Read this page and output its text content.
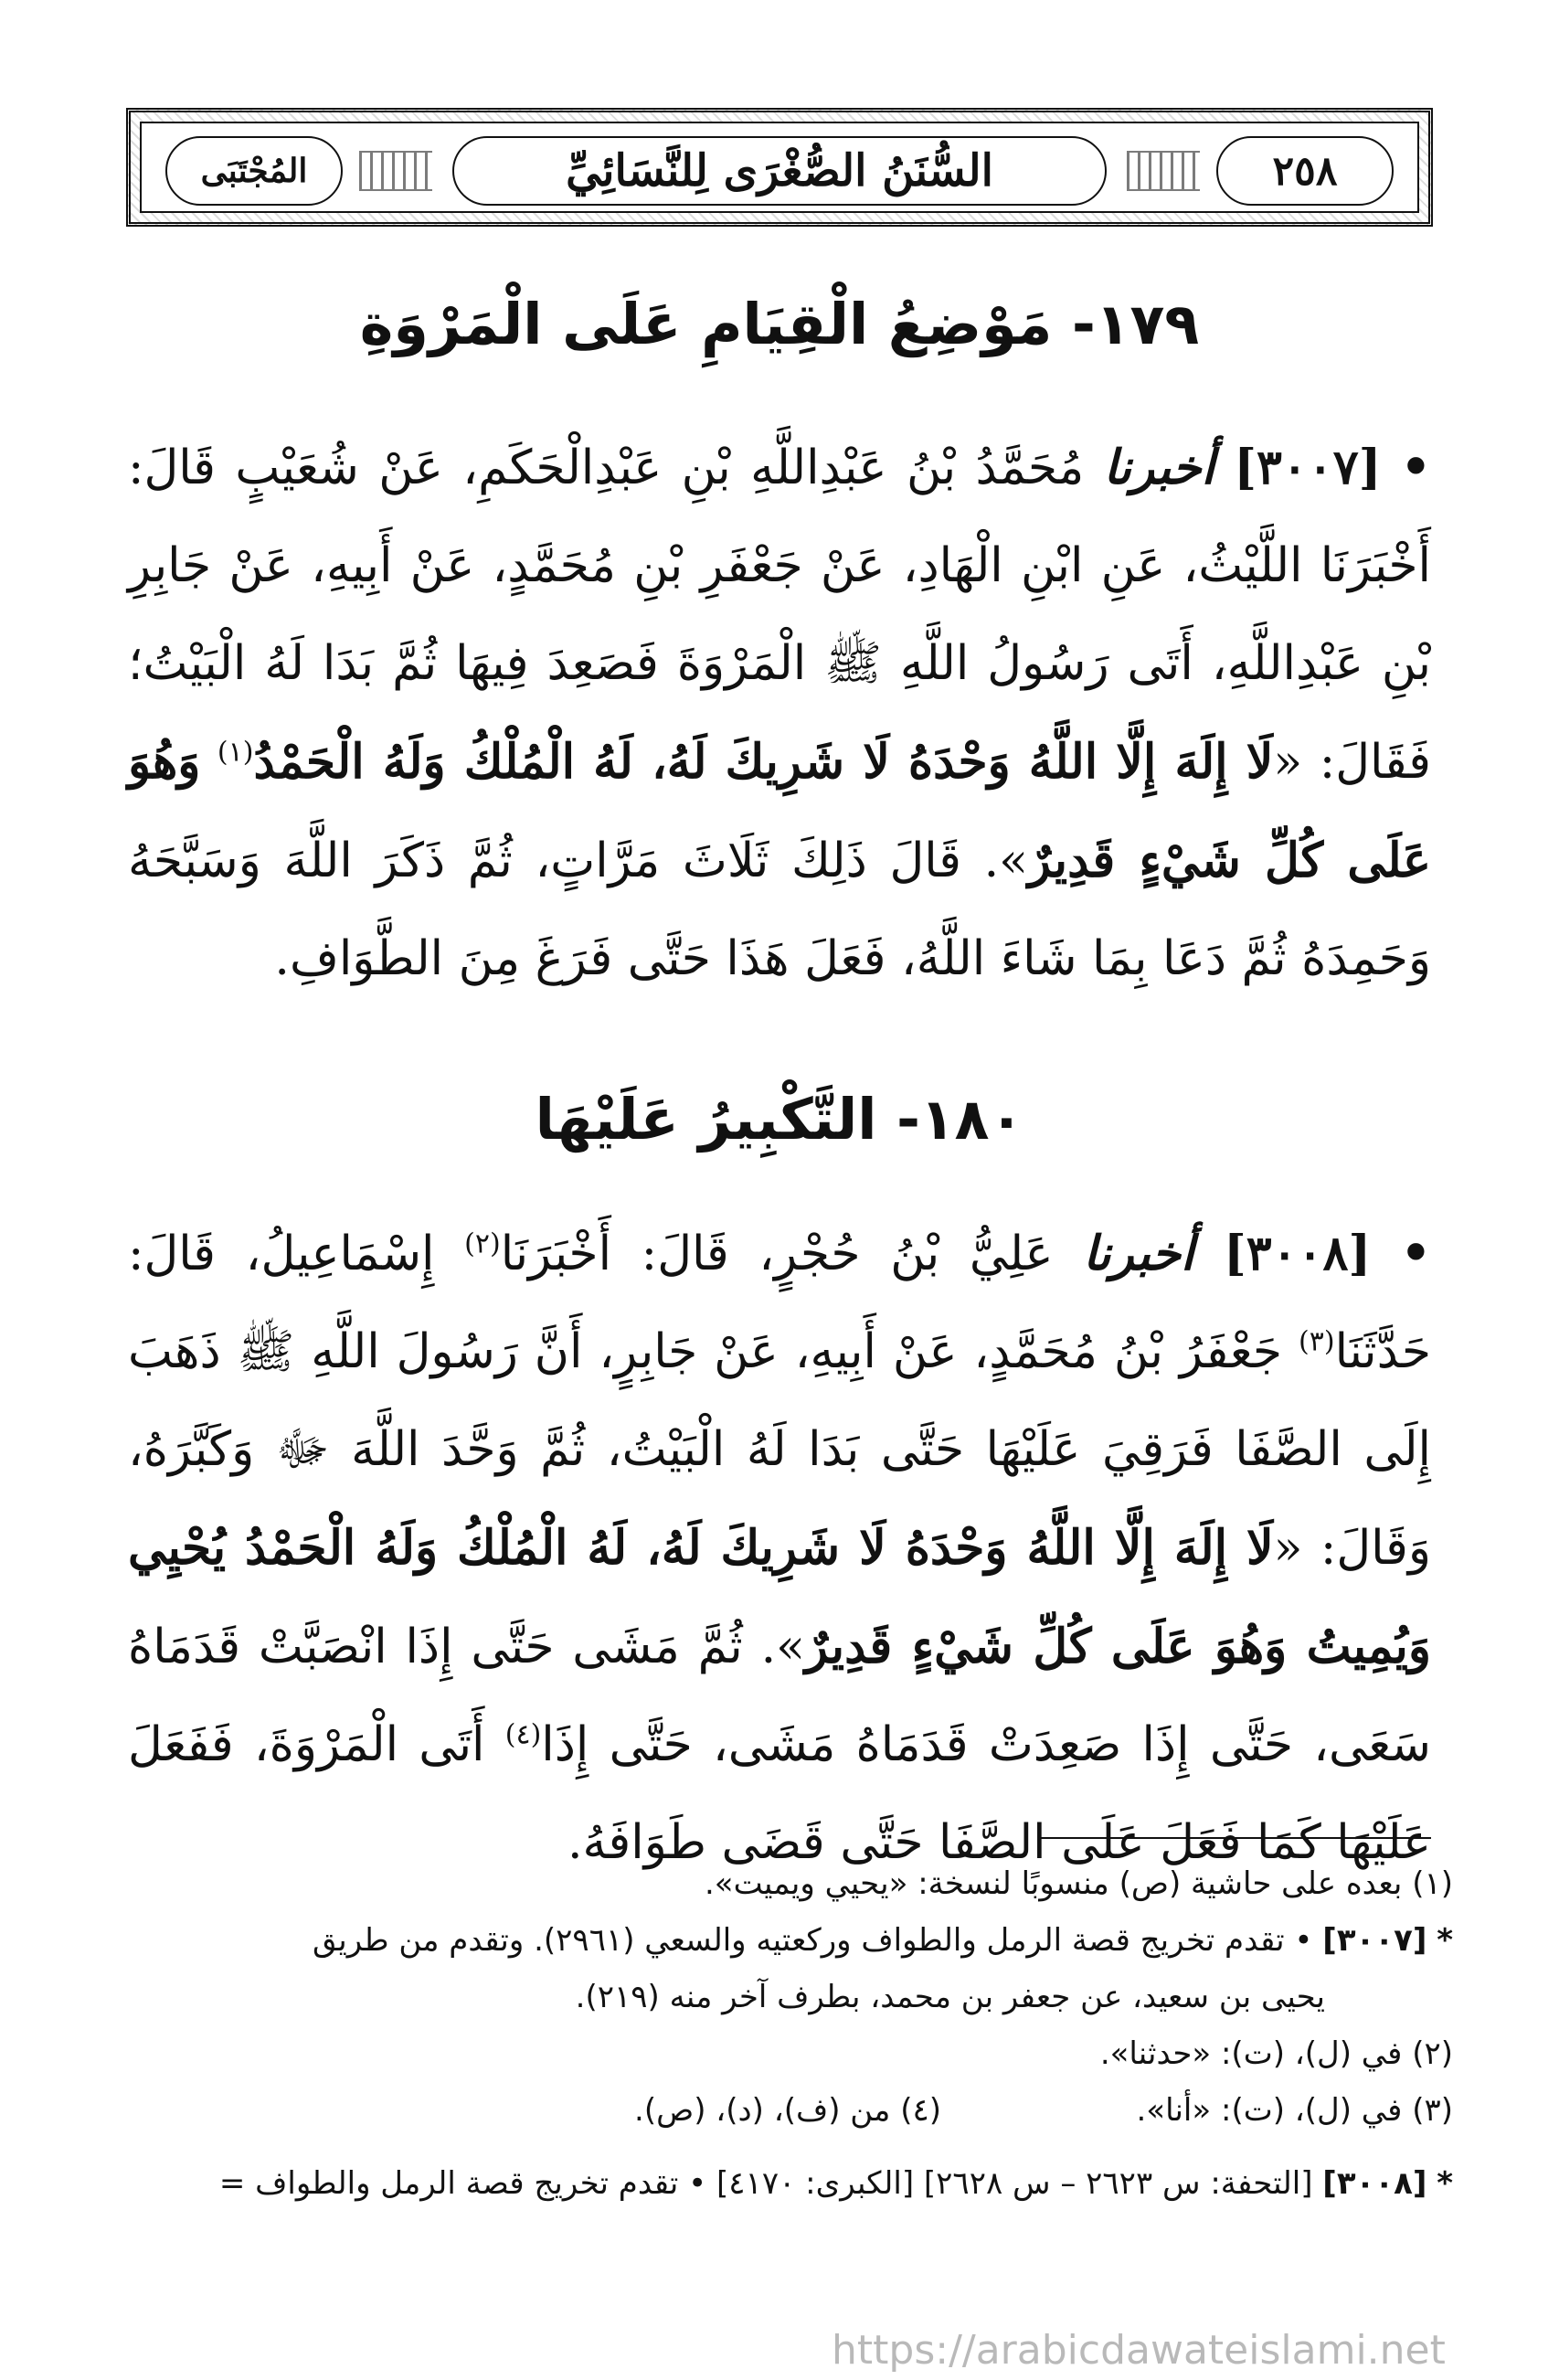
المُجْتَبَى	السُّنَنُ الصُّغْرَى لِلنَّسَائِيِّ	٢٥٨
١٧٩- مَوْضِعُ الْقِيَامِ عَلَى الْمَرْوَةِ

• [٣٠٠٧] أخبرنا مُحَمَّدُ بْنُ عَبْدِاللَّهِ بْنِ عَبْدِالْحَكَمِ، عَنْ شُعَيْبٍ قَالَ: أَخْبَرَنَا اللَّيْثُ، عَنِ ابْنِ الْهَادِ، عَنْ جَعْفَرِ بْنِ مُحَمَّدٍ، عَنْ أَبِيهِ، عَنْ جَابِرِ بْنِ عَبْدِاللَّهِ، أَتَى رَسُولُ اللَّهِ ﷺ الْمَرْوَةَ فَصَعِدَ فِيهَا ثُمَّ بَدَا لَهُ الْبَيْتُ؛ فَقَالَ: «لَا إِلَهَ إِلَّا اللَّهُ وَحْدَهُ لَا شَرِيكَ لَهُ، لَهُ الْمُلْكُ وَلَهُ الْحَمْدُ$^{(١)}$ وَهُوَ عَلَى كُلِّ شَيْءٍ قَدِيرٌ». قَالَ ذَلِكَ ثَلَاثَ مَرَّاتٍ، ثُمَّ ذَكَرَ اللَّهَ وَسَبَّحَهُ وَحَمِدَهُ ثُمَّ دَعَا بِمَا شَاءَ اللَّهُ، فَعَلَ هَذَا حَتَّى فَرَغَ مِنَ الطَّوَافِ.

١٨٠- التَّكْبِيرُ عَلَيْهَا

• [٣٠٠٨] أخبرنا عَلِيُّ بْنُ حُجْرٍ، قَالَ: أَخْبَرَنَا$^{(٢)}$ إِسْمَاعِيلُ، قَالَ: حَدَّثَنَا$^{(٣)}$ جَعْفَرُ بْنُ مُحَمَّدٍ، عَنْ أَبِيهِ، عَنْ جَابِرٍ، أَنَّ رَسُولَ اللَّهِ ﷺ ذَهَبَ إِلَى الصَّفَا فَرَقِيَ عَلَيْهَا حَتَّى بَدَا لَهُ الْبَيْتُ، ثُمَّ وَحَّدَ اللَّهَ ﷻ وَكَبَّرَهُ، وَقَالَ: «لَا إِلَهَ إِلَّا اللَّهُ وَحْدَهُ لَا شَرِيكَ لَهُ، لَهُ الْمُلْكُ وَلَهُ الْحَمْدُ يُحْيِي وَيُمِيتُ وَهُوَ عَلَى كُلِّ شَيْءٍ قَدِيرٌ». ثُمَّ مَشَى حَتَّى إِذَا انْصَبَّتْ قَدَمَاهُ سَعَى، حَتَّى إِذَا صَعِدَتْ قَدَمَاهُ مَشَى، حَتَّى إِذَا$^{(٤)}$ أَتَى الْمَرْوَةَ، فَفَعَلَ عَلَيْهَا كَمَا فَعَلَ عَلَى الصَّفَا حَتَّى قَضَى طَوَافَهُ.

(١) بعده على حاشية (ص) منسوبًا لنسخة: «يحيي ويميت».

* [٣٠٠٧] • تقدم تخريج قصة الرمل والطواف وركعتيه والسعي (٢٩٦١). وتقدم من طريق

يحيى بن سعيد، عن جعفر بن محمد، بطرف آخر منه (٢١٩).

(٢) في (ل)، (ت): «حدثنا».

(٣) في (ل)، (ت): «أنا».
(٤) من (ف)، (د)، (ص).

* [٣٠٠٨] [التحفة: س ٢٦٢٣ – س ٢٦٢٨] [الكبرى: ٤١٧٠] • تقدم تخريج قصة الرمل والطواف =

https://arabicdawateislami.net
